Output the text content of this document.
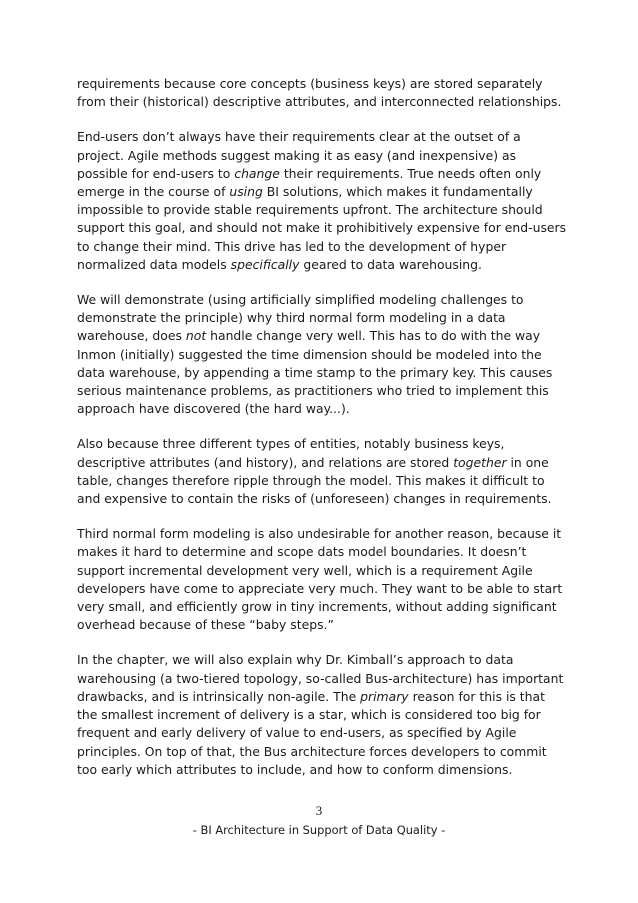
requirements because core concepts (business keys) are stored separately from their (historical) descriptive attributes, and interconnected relationships.

End-users don’t always have their requirements clear at the outset of a project. Agile methods suggest making it as easy (and inexpensive) as possible for end-users to change their requirements. True needs often only emerge in the course of using BI solutions, which makes it fundamentally impossible to provide stable requirements upfront. The architecture should support this goal, and should not make it prohibitively expensive for end-users to change their mind. This drive has led to the development of hyper normalized data models specifically geared to data warehousing.

We will demonstrate (using artificially simplified modeling challenges to demonstrate the principle) why third normal form modeling in a data warehouse, does not handle change very well. This has to do with the way Inmon (initially) suggested the time dimension should be modeled into the data warehouse, by appending a time stamp to the primary key. This causes serious maintenance problems, as practitioners who tried to implement this approach have discovered (the hard way...).

Also because three different types of entities, notably business keys, descriptive attributes (and history), and relations are stored together in one table, changes therefore ripple through the model. This makes it difficult to and expensive to contain the risks of (unforeseen) changes in requirements.

Third normal form modeling is also undesirable for another reason, because it makes it hard to determine and scope dats model boundaries. It doesn’t support incremental development very well, which is a requirement Agile developers have come to appreciate very much. They want to be able to start very small, and efficiently grow in tiny increments, without adding significant overhead because of these “baby steps.”

In the chapter, we will also explain why Dr. Kimball’s approach to data warehousing (a two-tiered topology, so-called Bus-architecture) has important drawbacks, and is intrinsically non-agile. The primary reason for this is that the smallest increment of delivery is a star, which is considered too big for frequent and early delivery of value to end-users, as specified by Agile principles. On top of that, the Bus architecture forces developers to commit too early which attributes to include, and how to conform dimensions.

3
- BI Architecture in Support of Data Quality -
